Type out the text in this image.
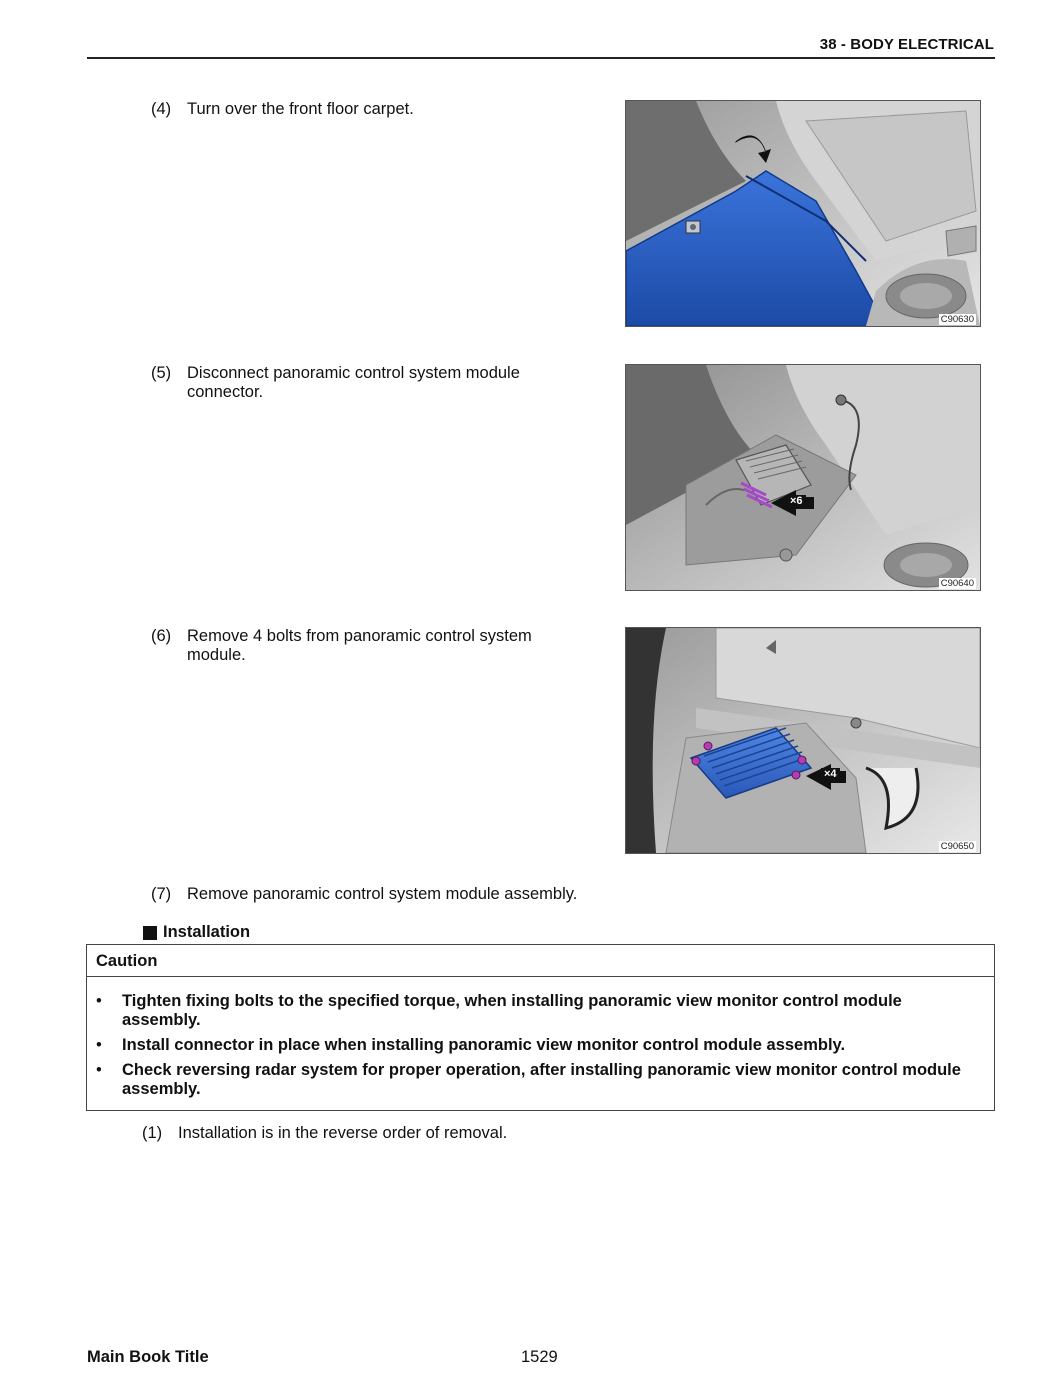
38 - BODY ELECTRICAL
(4) Turn over the front floor carpet.
C90630
(5) Disconnect panoramic control system module connector.
×6
C90640
(6) Remove 4 bolts from panoramic control system module.
×4
C90650
(7) Remove panoramic control system module assembly.
Installation
Caution
• Tighten fixing bolts to the specified torque, when installing panoramic view monitor control module assembly.
• Install connector in place when installing panoramic view monitor control module assembly.
• Check reversing radar system for proper operation, after installing panoramic view monitor control module assembly.
(1) Installation is in the reverse order of removal.
Main Book Title	1529
